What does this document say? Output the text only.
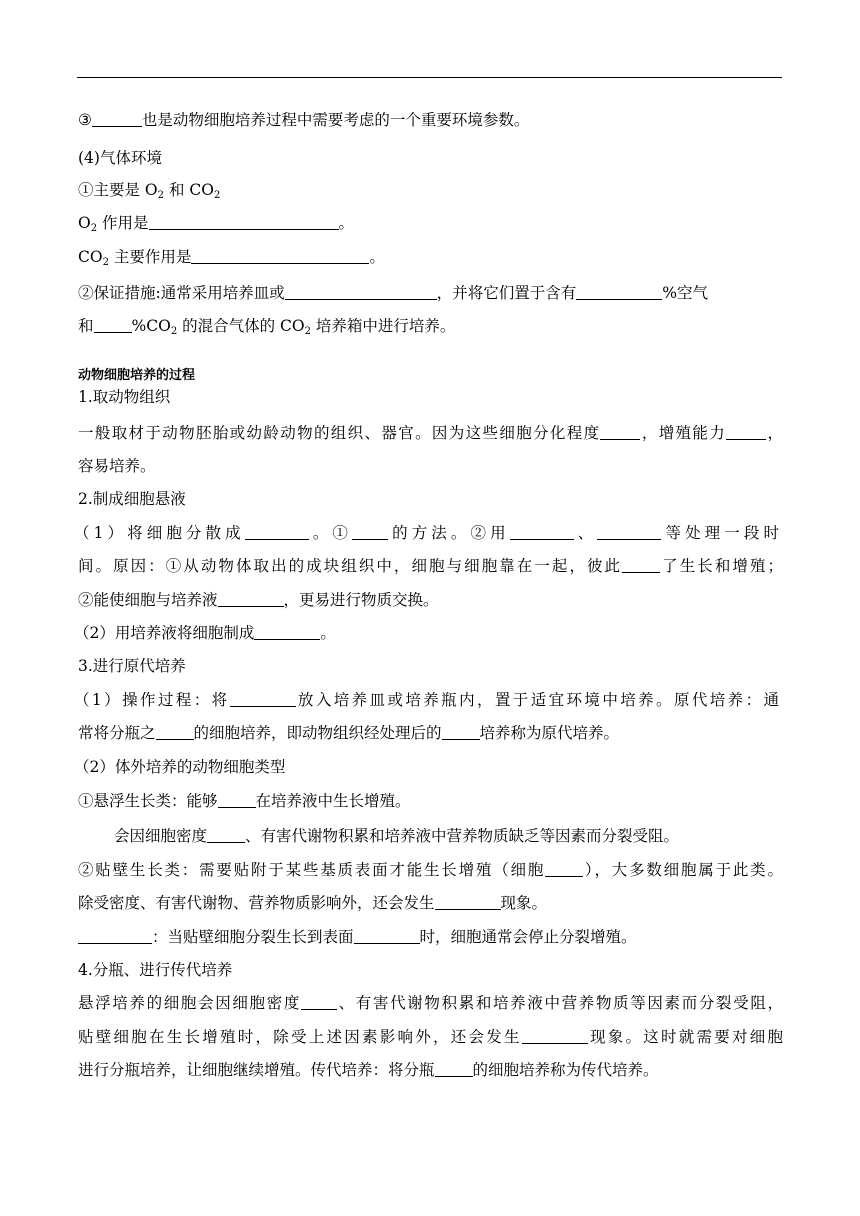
③	也是动物细胞培养过程中需要考虑的一个重要环境参数。

(4)气体环境

①主要是 $O_2$ 和 $CO_2$

$O_2$ 作用是	。

$CO_2$ 主要作用是	。

②保证措施:通常采用培养皿或	，并将它们置于含有	%空气

和 $\%CO_2$ 的混合气体的 $CO_2$ 培养箱中进行培养。

动物细胞培养的过程

1.取动物组织

一般取材于动物胚胎或幼龄动物的组织、器官。因为这些细胞分化程度	，增殖能力	，

容易培养。

2.制成细胞悬液

（1）将细胞分散成	。① 的方法。②用	、	等处理一段时

间。原因：①从动物体取出的成块组织中，细胞与细胞靠在一起，彼此 了生长和增殖；

②能使细胞与培养液	，更易进行物质交换。

（2）用培养液将细胞制成	。

3.进行原代培养

（1）操作过程：将	放入培养皿或培养瓶内，置于适宜环境中培养。原代培养：通

常将分瓶之 的细胞培养，即动物组织经处理后的 培养称为原代培养。

（2）体外培养的动物细胞类型

①悬浮生长类：能够 在培养液中生长增殖。

会因细胞密度 、有害代谢物积累和培养液中营养物质缺乏等因素而分裂受阻。

②贴壁生长类：需要贴附于某些基质表面才能生长增殖（细胞 ），大多数细胞属于此类。

除受密度、有害代谢物、营养物质影响外，还会发生	现象。

：当贴壁细胞分裂生长到表面	时，细胞通常会停止分裂增殖。

4.分瓶、进行传代培养

悬浮培养的细胞会因细胞密度 、有害代谢物积累和培养液中营养物质等因素而分裂受阻，

贴壁细胞在生长增殖时，除受上述因素影响外，还会发生	现象。这时就需要对细胞

进行分瓶培养，让细胞继续增殖。传代培养：将分瓶 的细胞培养称为传代培养。
